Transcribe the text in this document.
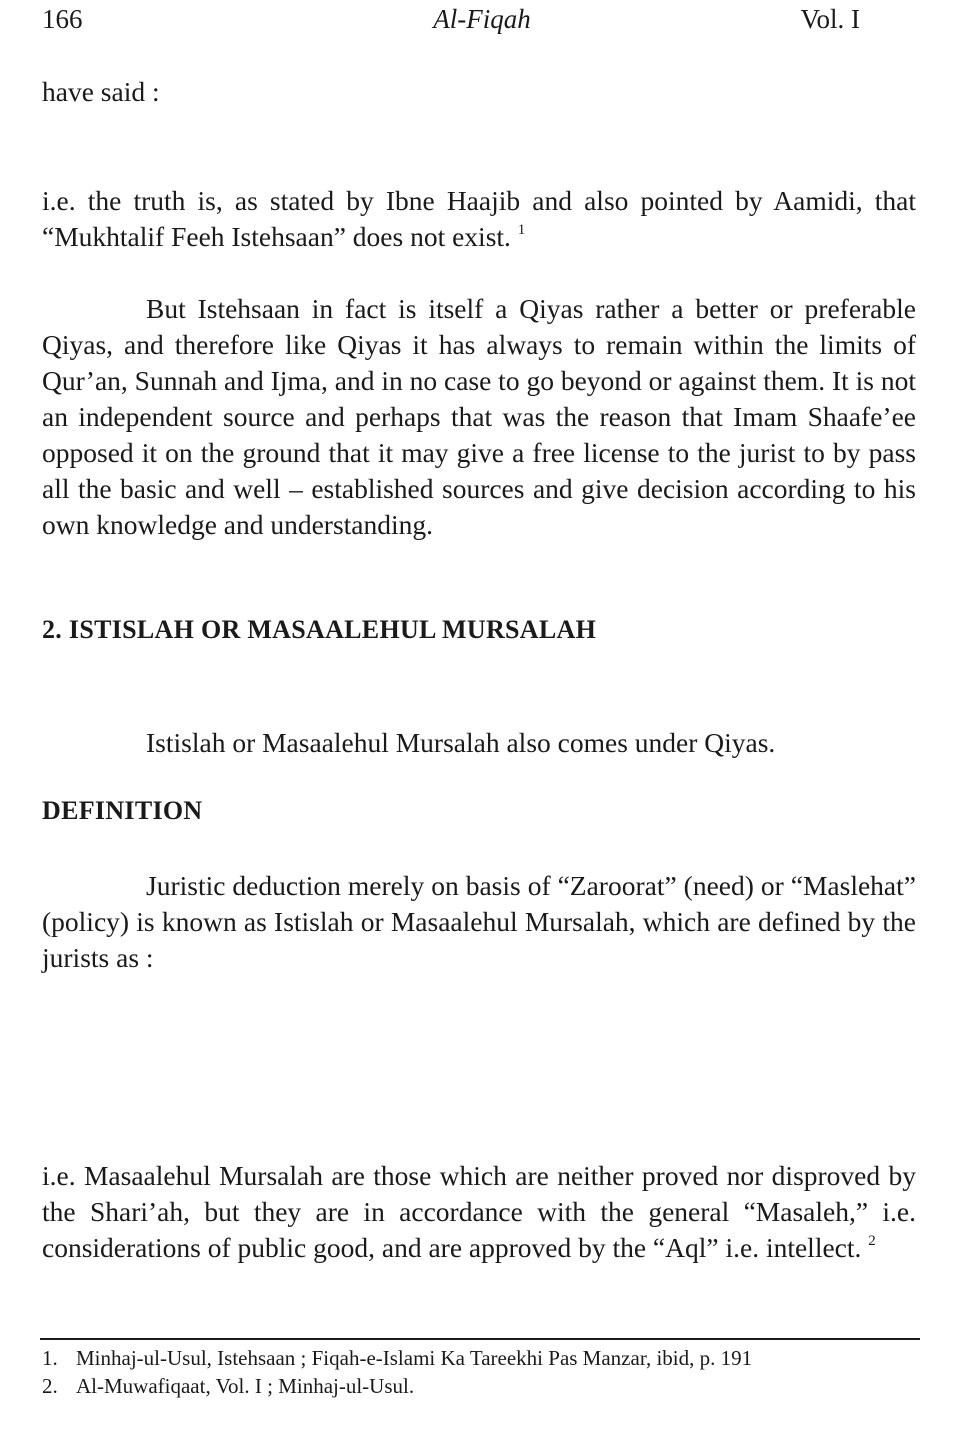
166	Al-Fiqah	Vol. I
have said :
i.e. the truth is, as stated by Ibne Haajib and also pointed by Aamidi, that “Mukhtalif Feeh Istehsaan” does not exist. $^1$
But Istehsaan in fact is itself a Qiyas rather a better or preferable Qiyas, and therefore like Qiyas it has always to remain within the limits of Qur’an, Sunnah and Ijma, and in no case to go beyond or against them. It is not an independent source and perhaps that was the reason that Imam Shaafe’ee opposed it on the ground that it may give a free license to the jurist to by pass all the basic and well – established sources and give decision according to his own knowledge and understanding.
2. ISTISLAH OR MASAALEHUL MURSALAH
Istislah or Masaalehul Mursalah also comes under Qiyas.
DEFINITION
Juristic deduction merely on basis of “Zaroorat” (need) or “Maslehat” (policy) is known as Istislah or Masaalehul Mursalah, which are defined by the jurists as :
i.e. Masaalehul Mursalah are those which are neither proved nor disproved by the Shari’ah, but they are in accordance with the general “Masaleh,” i.e. considerations of public good, and are approved by the “Aql” i.e. intellect. $^2$
1. Minhaj-ul-Usul, Istehsaan ; Fiqah-e-Islami Ka Tareekhi Pas Manzar, ibid, p. 191
2. Al-Muwafiqaat, Vol. I ; Minhaj-ul-Usul.
